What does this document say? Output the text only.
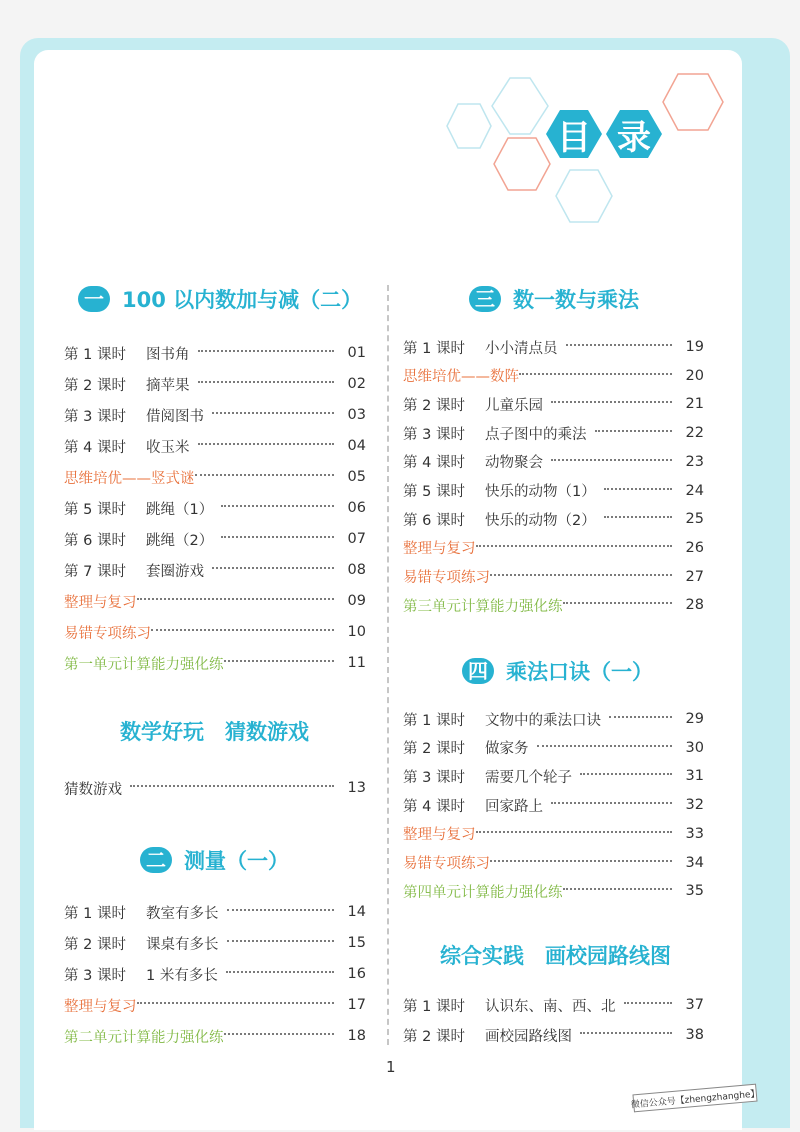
目 录
一 100 以内数加与减（二）
第 1 课时	图书角	01
第 2 课时	摘苹果	02
第 3 课时	借阅图书	03
第 4 课时	收玉米	04
思维培优——竖式谜	05
第 5 课时	跳绳（1）	06
第 6 课时	跳绳（2）	07
第 7 课时	套圈游戏	08
整理与复习	09
易错专项练习	10
第一单元计算能力强化练	11
数学好玩　猜数游戏
猜数游戏	13
二 测量（一）
第 1 课时	教室有多长	14
第 2 课时	课桌有多长	15
第 3 课时	1 米有多长	16
整理与复习	17
第二单元计算能力强化练	18
三 数一数与乘法
第 1 课时	小小清点员	19
思维培优——数阵	20
第 2 课时	儿童乐园	21
第 3 课时	点子图中的乘法	22
第 4 课时	动物聚会	23
第 5 课时	快乐的动物（1）	24
第 6 课时	快乐的动物（2）	25
整理与复习	26
易错专项练习	27
第三单元计算能力强化练	28
四 乘法口诀（一）
第 1 课时	文物中的乘法口诀	29
第 2 课时	做家务	30
第 3 课时	需要几个轮子	31
第 4 课时	回家路上	32
整理与复习	33
易错专项练习	34
第四单元计算能力强化练	35
综合实践　画校园路线图
第 1 课时	认识东、南、西、北	37
第 2 课时	画校园路线图	38
1
微信公众号【zhengzhanghe】
